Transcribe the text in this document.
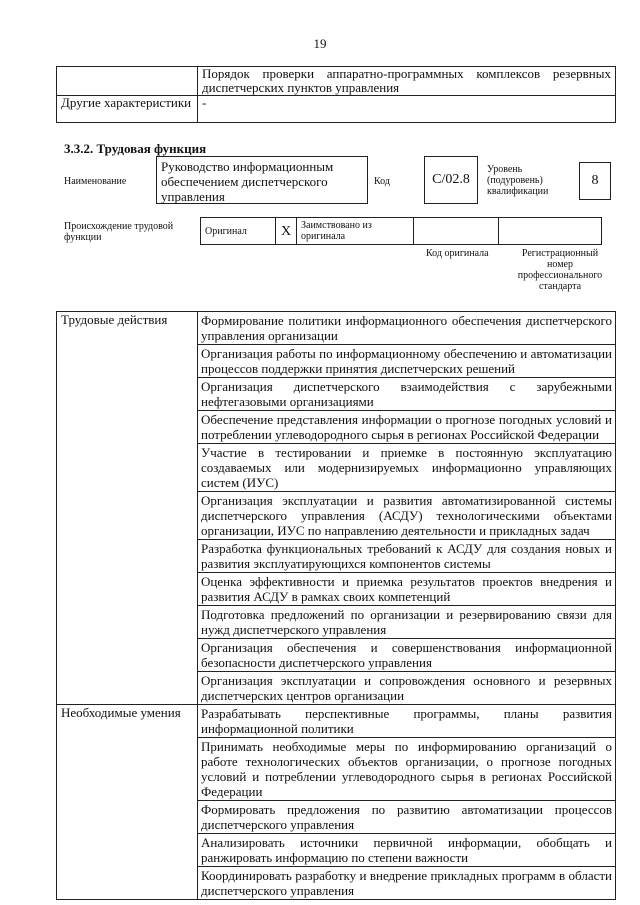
19
	Порядок проверки аппаратно-программных комплексов резервных диспетчерских пунктов управления
Другие характеристики	-
3.3.2. Трудовая функция
Наименование
Руководство информационным обеспечением диспетчерского управления
Код	C/02.8
Уровень (подуровень) квалификации
8
Происхождение трудовой функции
Оригинал	X	Заимствовано из оригинала		
Код оригинала	Регистрационный номер профессионального стандарта
Трудовые действия	Формирование политики информационного обеспечения диспетчерского управления организации
	Организация работы по информационному обеспечению и автоматизации процессов поддержки принятия диспетчерских решений
	Организация диспетчерского взаимодействия с зарубежными нефтегазовыми организациями
	Обеспечение представления информации о прогнозе погодных условий и потреблении углеводородного сырья в регионах Российской Федерации
	Участие в тестировании и приемке в постоянную эксплуатацию создаваемых или модернизируемых информационно управляющих систем (ИУС)
	Организация эксплуатации и развития автоматизированной системы диспетчерского управления (АСДУ) технологическими объектами организации, ИУС по направлению деятельности и прикладных задач
	Разработка функциональных требований к АСДУ для создания новых и развития эксплуатирующихся компонентов системы
	Оценка эффективности и приемка результатов проектов внедрения и развития АСДУ в рамках своих компетенций
	Подготовка предложений по организации и резервированию связи для нужд диспетчерского управления
	Организация обеспечения и совершенствования информационной безопасности диспетчерского управления
	Организация эксплуатации и сопровождения основного и резервных диспетчерских центров организации
Необходимые умения	Разрабатывать перспективные программы, планы развития информационной политики
	Принимать необходимые меры по информированию организаций о работе технологических объектов организации, о прогнозе погодных условий и потреблении углеводородного сырья в регионах Российской Федерации
	Формировать предложения по развитию автоматизации процессов диспетчерского управления
	Анализировать источники первичной информации, обобщать и ранжировать информацию по степени важности
	Координировать разработку и внедрение прикладных программ в области диспетчерского управления
